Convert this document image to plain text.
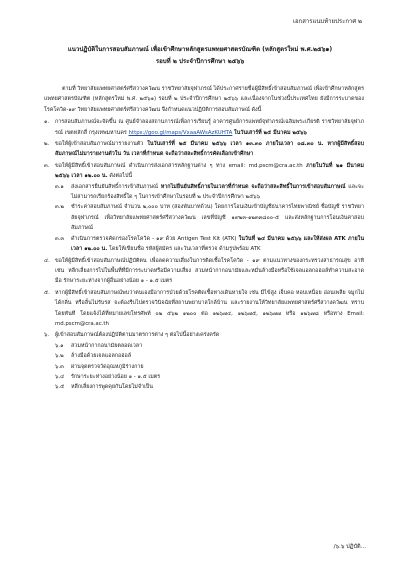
เอกสารแนบท้ายประกาศ ๒
แนวปฏิบัติในการสอบสัมภาษณ์ เพื่อเข้าศึกษาหลักสูตรแพทยศาสตรบัณฑิต (หลักสูตรใหม่ พ.ศ.๒๕๖๑)
รอบที่ ๒ ประจำปีการศึกษา ๒๕๖๖

ตามที่ วิทยาลัยแพทยศาสตร์ศรีสวางควัฒน ราชวิทยาลัยจุฬาภรณ์ ได้ประกาศรายชื่อผู้มีสิทธิ์เข้าสอบสัมภาษณ์ เพื่อเข้าศึกษาหลักสูตรแพทยศาสตรบัณฑิต (หลักสูตรใหม่ พ.ศ. ๒๕๖๑) รอบที่ ๒ ประจำปีการศึกษา ๒๕๖๖ และเนื่องจากในช่วงนี้ประเทศไทย ยังมีการระบาดของโรคโควิด-๑๙ วิทยาลัยแพทยศาสตร์ศรีสวางควัฒน จึงกำหนดแนวปฏิบัติการสอบสัมภาษณ์ ดังนี้

๑. การสอบสัมภาษณ์จะจัดขึ้น ณ ศูนย์จำลองสถานการณ์เพื่อการเรียนรู้ อาคารศูนย์การแพทย์จุฬาภรณ์เฉลิมพระเกียรติ ราชวิทยาลัยจุฬาภรณ์ เขตหลักสี่ กรุงเทพมหานคร https://goo.gl/maps/VxaaAWsAzKUHTA ในวันเสาร์ที่ ๒๕ มีนาคม ๒๕๖๖
๒. ขอให้ผู้เข้าสอบสัมภาษณ์มารายงานตัว ในวันเสาร์ที่ ๒๕ มีนาคม ๒๕๖๖ เวลา ๑๓.๓๐ ภายในเวลา ๐๘.๓๐ น. หากผู้มีสิทธิ์สอบสัมภาษณ์ไม่มารายงานตัวใน วัน เวลาที่กำหนด จะถือว่าสละสิทธิ์การคัดเลือกเข้าศึกษา
๓. ขอให้ผู้มีสิทธิ์เข้าสอบสัมภาษณ์ ดำเนินการส่งเอกสารหลักฐานต่าง ๆ ทาง email: md.pscm@cra.ac.th ภายในวันที่ ๒๑ มีนาคม ๒๕๖๖ เวลา ๑๒.๐๐ น. ดังต่อไปนี้
๓.๑ ส่งเอกสารยืนยันสิทธิ์การเข้าสัมภาษณ์ หากไม่ยืนยันสิทธิ์ภายในเวลาที่กำหนด จะถือว่าสละสิทธิ์ในการเข้าสอบสัมภาษณ์ และจะไม่สามารถเรียกร้องสิทธิ์ใด ๆ ในการเข้าศึกษาในรอบที่ ๒ ประจำปีการศึกษา ๒๕๖๖
๓.๒ ชำระค่าสอบสัมภาษณ์ จำนวน ๒,๐๐๐ บาท (สองพันบาทถ้วน) โดยการโอนเงินเข้าบัญชีธนาคารไทยพาณิชย์ ชื่อบัญชี ราชวิทยาลัยจุฬาภรณ์ เพื่อวิทยาลัยแพทยศาสตร์ศรีสวางควัฒน เลขที่บัญชี ๑๙๒๓-๑๒๓๓๘๐๐-๕ และส่งหลักฐานการโอนเงินค่าสอบสัมภาษณ์
๓.๓ ดำเนินการตรวจคัดกรองโรคโควิด - ๑๙ ด้วย Antigen Test Kit (ATK) ในวันที่ ๒๔ มีนาคม ๒๕๖๖ และให้ส่งผล ATK ภายในเวลา ๑๒.๐๐ น. โดยให้เขียนชื่อ รหัสผู้สมัคร และวันเวลาที่ตรวจ ด้ามรูปพร้อม ATK
๔. ขอให้ผู้มีสิทธิ์เข้าสอบสัมภาษณ์ปฏิบัติตน เพื่อลดความเสี่ยงในการติดเชื้อโรคโควิด - ๑๙ ตามแนวทางของกระทรวงสาธารณสุข อาทิเช่น หลีกเลี่ยงการไปในพื้นที่ที่มีการระบาดหรือมีความเสี่ยง สวมหน้ากากอนามัยและหมั่นล้างมือหรือใช้เจลแอลกอฮอล์ทำความสะอาดมือ รักษาระยะห่างจากผู้อื่นอย่างน้อย ๑ - ๑.๕ เมตร
๕. หากผู้มีสิทธิ์เข้าสอบสัมภาษณ์พบว่าตนเองมีอาการป่วยด้วยโรคติดเชื้อทางเดินหายใจ เช่น มีไข้สูง เจ็บคอ หอบเหนื่อย อ่อนเพลีย จมูกไม่ได้กลิ่น หรือลิ้นไม่รับรส จะต้องรีบไปตรวจวินิจฉัยที่สถานพยาบาลใกล้บ้าน และรายงานให้วิทยาลัยแพทยศาสตร์ศรีสวางควัฒน ทราบโดยทันที โดยแจ้งได้ที่หมายเลขโทรศัพท์ ๐๒ ๕๖๒ ๑๒๐๐ ต่อ ๑๒๖๗๔, ๑๒๖๗๕, ๑๒๖๗๗ หรือ ๑๒๖๗๘ หรือทาง Email: md.pscm@cra.ac.th
๖. ผู้เข้าสอบสัมภาษณ์ต้องปฏิบัติตามมาตรการต่าง ๆ ต่อไปนี้อย่างเคร่งครัด
๖.๑ สวมหน้ากากอนามัยตลอดเวลา
๖.๒ ล้างมือด้วยเจลแอลกอฮอล์
๖.๓ ผ่านจุดตรวจวัดอุณหภูมิร่างกาย
๖.๔ รักษาระยะห่างอย่างน้อย ๑ - ๑.๕ เมตร
๖.๕ หลีกเลี่ยงการพูดคุยกันโดยไม่จำเป็น
/๖.๖ ปฏิบัติ...
